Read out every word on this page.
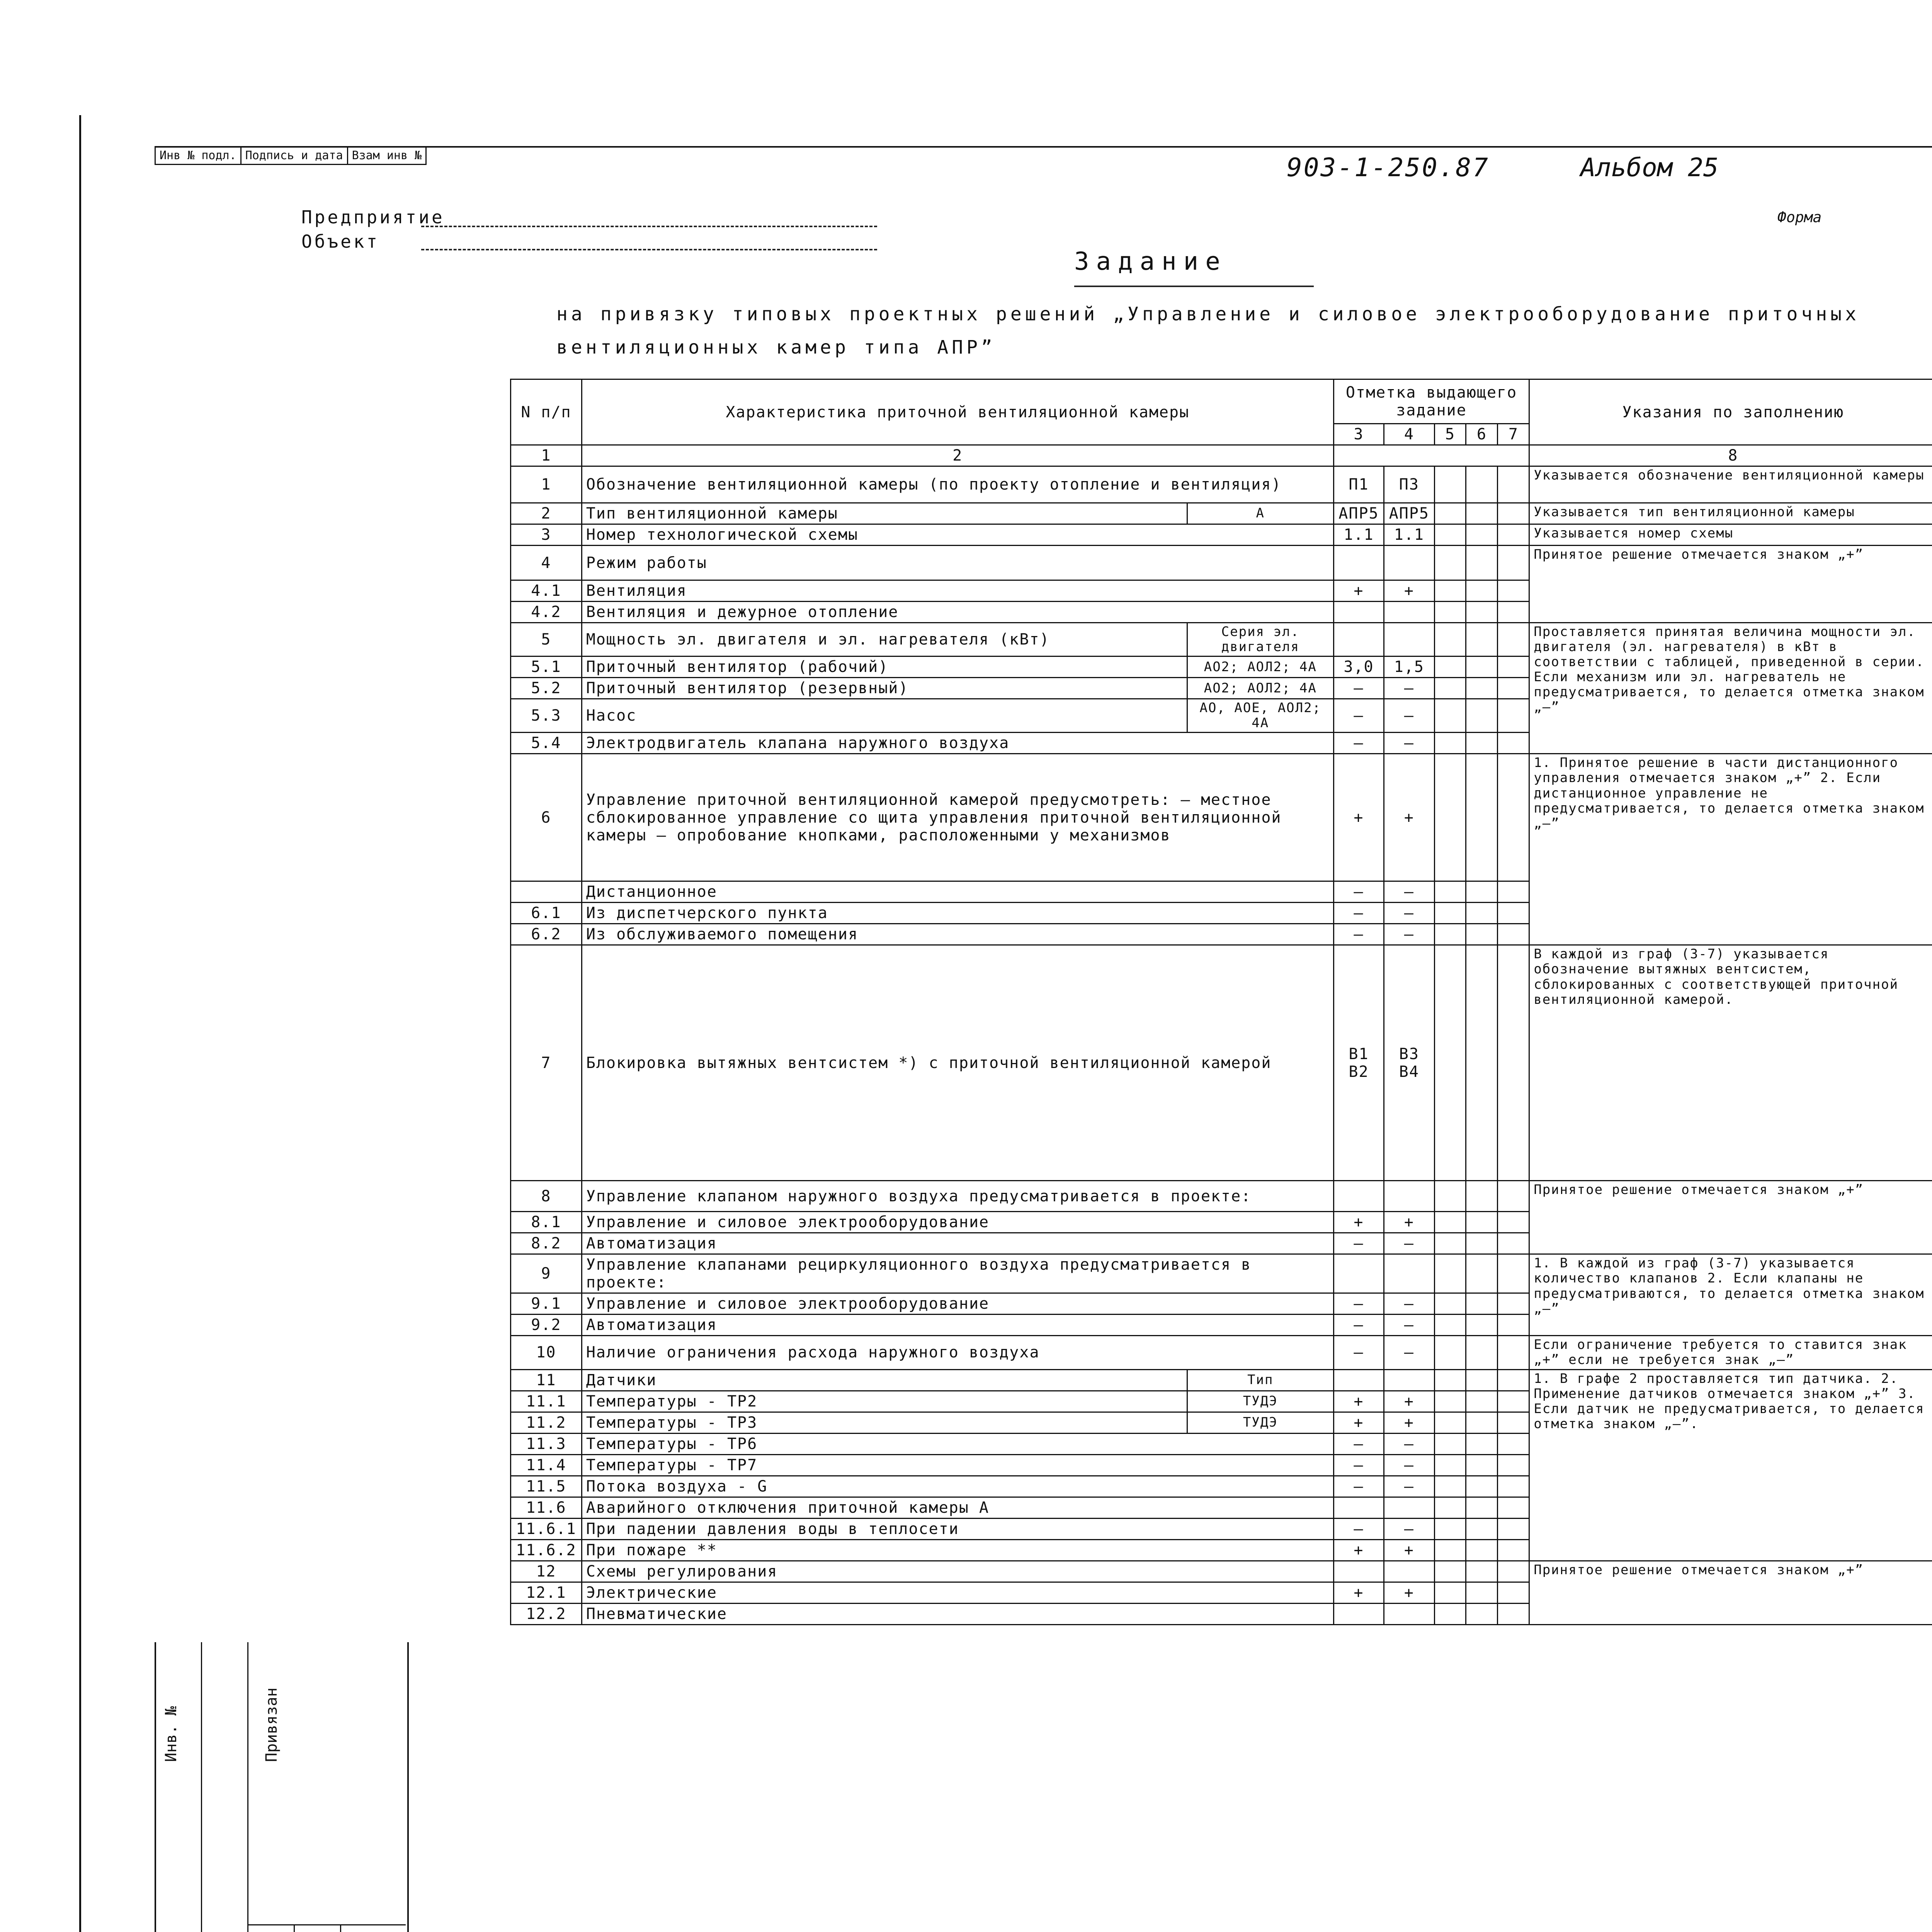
Инв № подл. Подпись и дата Взам инв №	903-1-250.87	Альбом 25
Форма
Предприятие
Объект
Задание
на привязку типовых проектных решений „Управление и силовое электрооборудование приточных вентиляционных камер типа АПР”
N п/п	Характеристика приточной вентиляционной камеры		Отметка выдающего задание					Указания по заполнению	
			3	4	5	6	7		
1	2							8	
1	Обозначение вентиляционной камеры (по проекту отопление и вентиляция)		П1	П3				Указывается обозначение вентиляционной камеры	
2	Тип вентиляционной камеры	А	АПР5	АПР5				Указывается тип вентиляционной камеры	
3	Номер технологической схемы		1.1	1.1				Указывается номер схемы	
4	Режим работы							Принятое решение отмечается знаком „+”	
4.1	Вентиляция		+	+					
4.2	Вентиляция и дежурное отопление								
5	Мощность эл. двигателя и эл. нагревателя (кВт)	Серия эл. двигателя						Проставляется принятая величина мощности эл. двигателя (эл. нагревателя) в кВт в соответствии с таблицей, приведенной в серии. Если механизм или эл. нагреватель не предусматривается, то делается отметка знаком „–”	
5.1	Приточный вентилятор (рабочий)	АО2; АОЛ2; 4А	3,0	1,5					
5.2	Приточный вентилятор (резервный)	АО2; АОЛ2; 4А	–	–					
5.3	Насос	АО, АОЕ, АОЛ2; 4А	–	–					
5.4	Электродвигатель клапана наружного воздуха		–	–					
6	Управление приточной вентиляционной камерой предусмотреть: – местное сблокированное управление со щита управления приточной вентиляционной камеры – опробование кнопками, расположенными у механизмов		+	+				1. Принятое решение в части дистанционного управления отмечается знаком „+” 2. Если дистанционное управление не предусматривается, то делается отметка знаком „–”	
	Дистанционное		–	–					
6.1	Из диспетчерского пункта		–	–					
6.2	Из обслуживаемого помещения		–	–					
7	Блокировка вытяжных вентсистем *) с приточной вентиляционной камерой		В1 В2	В3 В4				В каждой из граф (3-7) указывается обозначение вытяжных вентсистем, сблокированных с соответствующей приточной вентиляционной камерой.	
8	Управление клапаном наружного воздуха предусматривается в проекте:							Принятое решение отмечается знаком „+”	
8.1	Управление и силовое электрооборудование		+	+					
8.2	Автоматизация		–	–					
9	Управление клапанами рециркуляционного воздуха предусматривается в проекте:							1. В каждой из граф (3-7) указывается количество клапанов 2. Если клапаны не предусматриваются, то делается отметка знаком „–”	
9.1	Управление и силовое электрооборудование		–	–					
9.2	Автоматизация		–	–					
10	Наличие ограничения расхода наружного воздуха		–	–				Если ограничение требуется то ставится знак „+” если не требуется знак „–”	
11	Датчики	Тип						1. В графе 2 проставляется тип датчика. 2. Применение датчиков отмечается знаком „+” 3. Если датчик не предусматривается, то делается отметка знаком „–”.	
11.1	Температуры - ТР2	ТУДЭ	+	+					
11.2	Температуры - ТР3	ТУДЭ	+	+					
11.3	Температуры - ТР6		–	–					
11.4	Температуры - ТР7		–	–					
11.5	Потока воздуха - G		–	–					
11.6	Аварийного отключения приточной камеры А								
11.6.1	При падении давления воды в теплосети		–	–					
11.6.2	При пожаре **		+	+					
12	Схемы регулирования							Принятое решение отмечается знаком „+”	
12.1	Электрические		+	+					
12.2	Пневматические								

Инв. №	Привязан
